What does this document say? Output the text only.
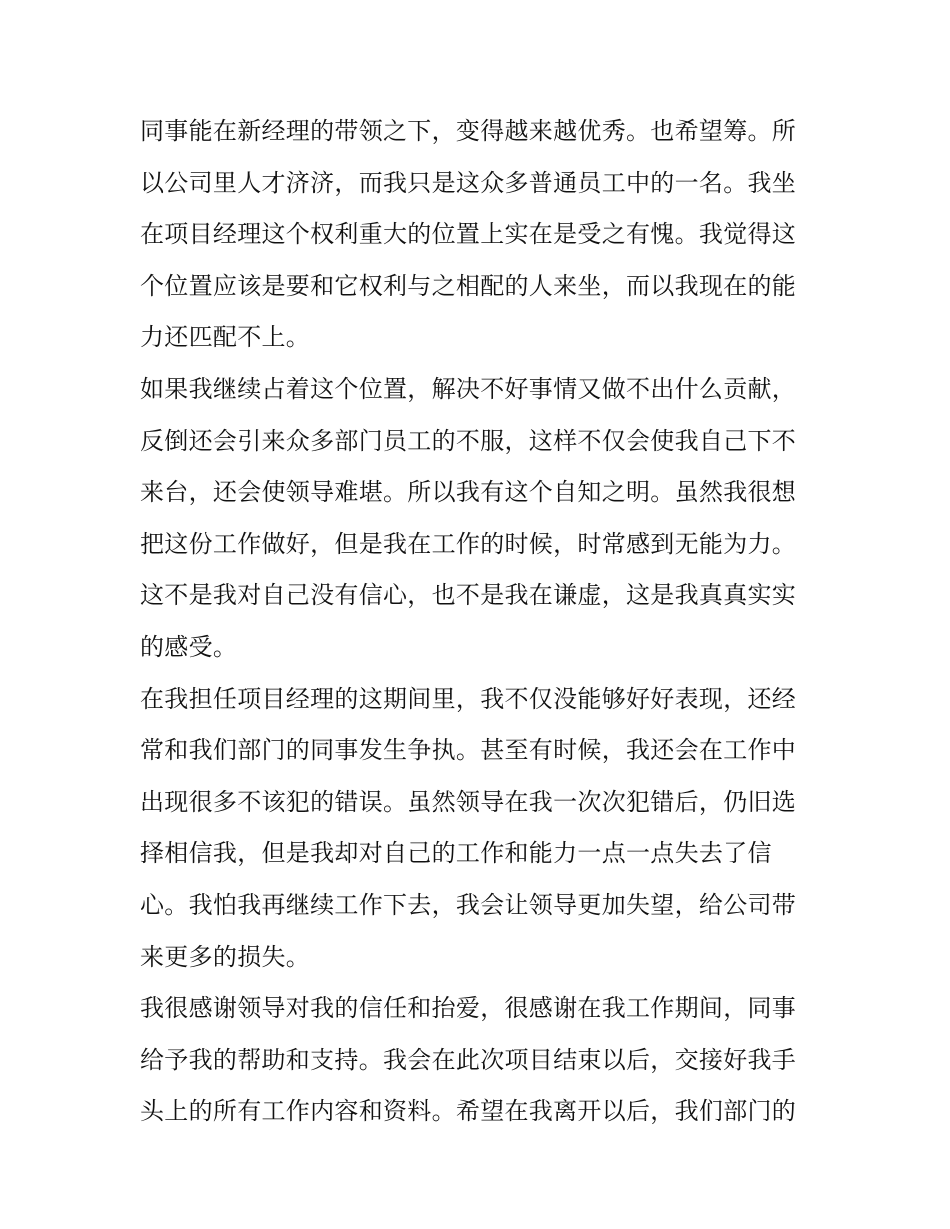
同事能在新经理的带领之下，变得越来越优秀。也希望筹。所
以公司里人才济济，而我只是这众多普通员工中的一名。我坐
在项目经理这个权利重大的位置上实在是受之有愧。我觉得这
个位置应该是要和它权利与之相配的人来坐，而以我现在的能
力还匹配不上。
如果我继续占着这个位置，解决不好事情又做不出什么贡献，
反倒还会引来众多部门员工的不服，这样不仅会使我自己下不
来台，还会使领导难堪。所以我有这个自知之明。虽然我很想
把这份工作做好，但是我在工作的时候，时常感到无能为力。
这不是我对自己没有信心，也不是我在谦虚，这是我真真实实
的感受。
在我担任项目经理的这期间里，我不仅没能够好好表现，还经
常和我们部门的同事发生争执。甚至有时候，我还会在工作中
出现很多不该犯的错误。虽然领导在我一次次犯错后，仍旧选
择相信我，但是我却对自己的工作和能力一点一点失去了信
心。我怕我再继续工作下去，我会让领导更加失望，给公司带
来更多的损失。
我很感谢领导对我的信任和抬爱，很感谢在我工作期间，同事
给予我的帮助和支持。我会在此次项目结束以后，交接好我手
头上的所有工作内容和资料。希望在我离开以后，我们部门的
